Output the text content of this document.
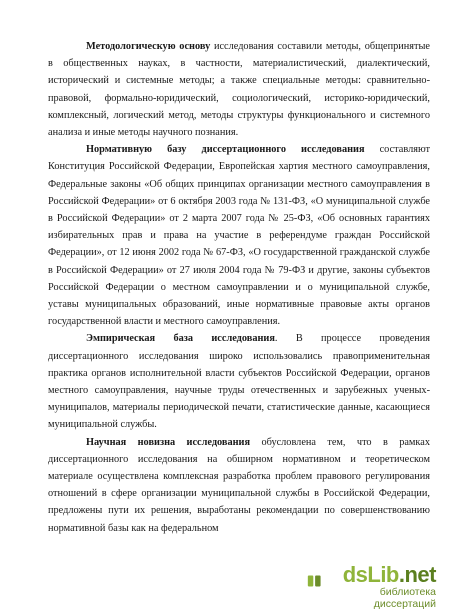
Методологическую основу исследования составили методы, общепринятые в общественных науках, в частности, материалистический, диалектический, исторический и системные методы; а также специальные методы: сравнительно-правовой, формально-юридический, социологический, историко-юридический, комплексный, логический метод, методы структуры функционального и системного анализа и иные методы научного познания.

Нормативную базу диссертационного исследования составляют Конституция Российской Федерации, Европейская хартия местного самоуправления, Федеральные законы «Об общих принципах организации местного самоуправления в Российской Федерации» от 6 октября 2003 года № 131-ФЗ, «О муниципальной службе в Российской Федерации» от 2 марта 2007 года № 25-ФЗ, «Об основных гарантиях избирательных прав и права на участие в референдуме граждан Российской Федерации», от 12 июня 2002 года № 67-ФЗ, «О государственной гражданской службе в Российской Федерации» от 27 июля 2004 года № 79-ФЗ и другие, законы субъектов Российской Федерации о местном самоуправлении и о муниципальной службе, уставы муниципальных образований, иные нормативные правовые акты органов государственной власти и местного самоуправления.

Эмпирическая база исследования. В процессе проведения диссертационного исследования широко использовались правоприменительная практика органов исполнительной власти субъектов Российской Федерации, органов местного самоуправления, научные труды отечественных и зарубежных ученых-муниципалов, материалы периодической печати, статистические данные, касающиеся муниципальной службы.

Научная новизна исследования обусловлена тем, что в рамках диссертационного исследования на обширном нормативном и теоретическом материале осуществлена комплексная разработка проблем правового регулирования отношений в сфере организации муниципальной службы в Российской Федерации, предложены пути их решения, выработаны рекомендации по совершенствованию нормативной базы как на федеральном

dsLib.net
библиотека диссертаций
